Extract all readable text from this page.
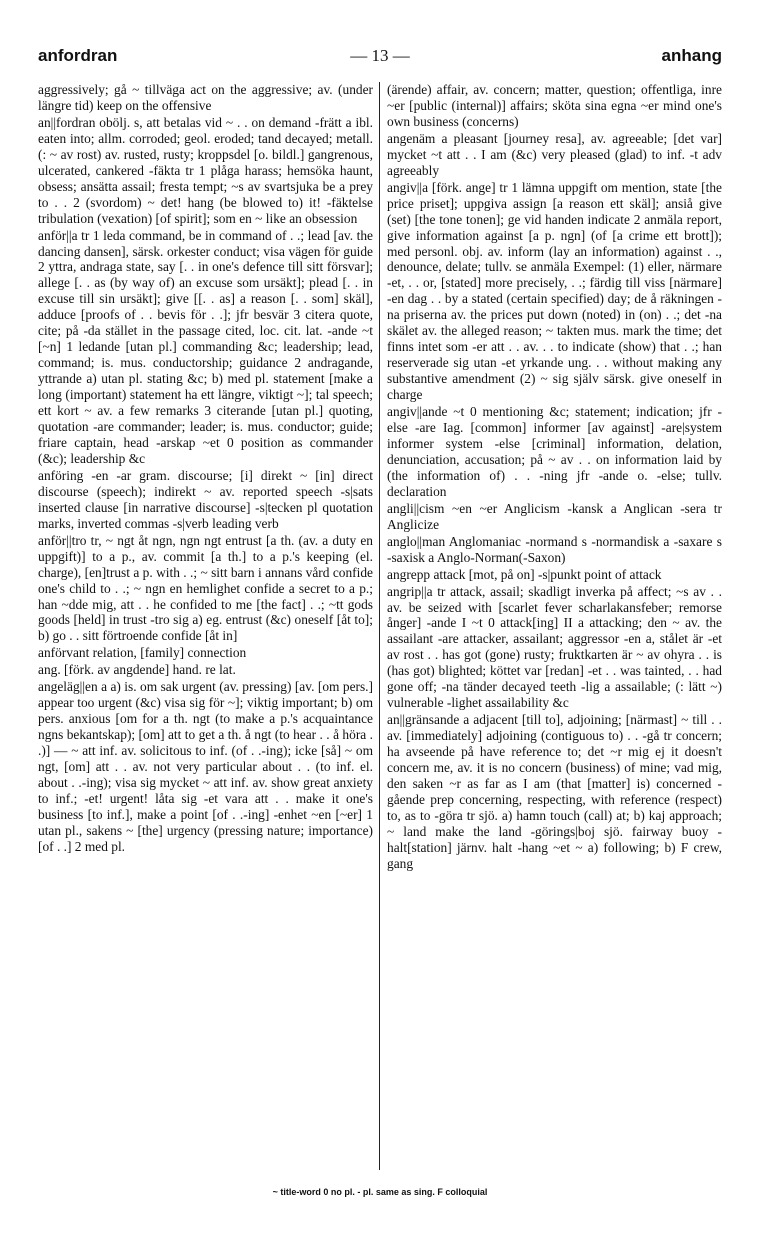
anfordran	— 13 —	anhang

aggressively; gå ~ tillväga act on the aggressive; av. (under längre tid) keep on the offensive

an||fordran obölj. s, att betalas vid ~ . . on demand -frätt a ibl. eaten into; allm. corroded; geol. eroded; tand decayed; metall. (: ~ av rost) av. rusted, rusty; kroppsdel [o. bildl.] gangrenous, ulcerated, cankered -fäkta tr 1 plåga harass; hemsöka haunt, obsess; ansätta assail; fresta tempt; ~s av svartsjuka be a prey to . . 2 (svordom) ~ det! hang (be blowed to) it! -fäktelse tribulation (vexation) [of spirit]; som en ~ like an obsession

anför||a tr 1 leda command, be in command of . .; lead [av. the dancing dansen], särsk. orkester conduct; visa vägen för guide 2 yttra, andraga state, say [. . in one's defence till sitt försvar]; allege [. . as (by way of) an excuse som ursäkt]; plead [. . in excuse till sin ursäkt]; give [[. . as] a reason [. . som] skäl], adduce [proofs of . . bevis för . .]; jfr besvär 3 citera quote, cite; på -da stället in the passage cited, loc. cit. lat. -ande ~t [~n] 1 ledande [utan pl.] commanding &c; leadership; lead, command; is. mus. conductorship; guidance 2 andragande, yttrande a) utan pl. stating &c; b) med pl. statement [make a long (important) statement ha ett längre, viktigt ~]; tal speech; ett kort ~ av. a few remarks 3 citerande [utan pl.] quoting, quotation -are commander; leader; is. mus. conductor; guide; friare captain, head -arskap ~et 0 position as commander (&c); leadership &c

anföring -en -ar gram. discourse; [i] direkt ~ [in] direct discourse (speech); indirekt ~ av. reported speech -s|sats inserted clause [in narrative discourse] -s|tecken pl quotation marks, inverted commas -s|verb leading verb

anför||tro tr, ~ ngt åt ngn, ngn ngt entrust [a th. (av. a duty en uppgift)] to a p., av. commit [a th.] to a p.'s keeping (el. charge), [en]trust a p. with . .; ~ sitt barn i annans vård confide one's child to . .; ~ ngn en hemlighet confide a secret to a p.; han ~dde mig, att . . he confided to me [the fact] . .; ~tt gods goods [held] in trust -tro sig a) eg. entrust (&c) oneself [åt to]; b) go . . sitt förtroende confide [åt in]

anförvant relation, [family] connection

ang. [förk. av angdende] hand. re lat.

angeläg||en a a) is. om sak urgent (av. pressing) [av. [om pers.] appear too urgent (&c) visa sig för ~]; viktig important; b) om pers. anxious [om for a th. ngt (to make a p.'s acquaintance ngns bekantskap); [om] att to get a th. å ngt (to hear . . å höra . .)] — ~ att inf. av. solicitous to inf. (of . .-ing); icke [så] ~ om ngt, [om] att . . av. not very particular about . . (to inf. el. about . .-ing); visa sig mycket ~ att inf. av. show great anxiety to inf.; -et! urgent! låta sig -et vara att . . make it one's business [to inf.], make a point [of . .-ing] -enhet ~en [~er] 1 utan pl., sakens ~ [the] urgency (pressing nature; importance) [of . .] 2 med pl.

(ärende) affair, av. concern; matter, question; offentliga, inre ~er [public (internal)] affairs; sköta sina egna ~er mind one's own business (concerns)

angenäm a pleasant [journey resa], av. agreeable; [det var] mycket ~t att . . I am (&c) very pleased (glad) to inf. -t adv agreeably

angiv||a [förk. ange] tr 1 lämna uppgift om mention, state [the price priset]; uppgiva assign [a reason ett skäl]; ansiå give (set) [the tone tonen]; ge vid handen indicate 2 anmäla report, give information against [a p. ngn] (of [a crime ett brott]); med personl. obj. av. inform (lay an information) against . ., denounce, delate; tullv. se anmäla Exempel: (1) eller, närmare -et, . . or, [stated] more precisely, . .; färdig till viss [närmare] -en dag . . by a stated (certain specified) day; de å räkningen -na priserna av. the prices put down (noted) in (on) . .; det -na skälet av. the alleged reason; ~ takten mus. mark the time; det finns intet som -er att . . av. . . to indicate (show) that . .; han reserverade sig utan -et yrkande ung. . . without making any substantive amendment (2) ~ sig själv särsk. give oneself in charge

angiv||ande ~t 0 mentioning &c; statement; indication; jfr -else -are Iag. [common] informer [av against] -are|system informer system -else [criminal] information, delation, denunciation, accusation; på ~ av . . on information laid by (the information of) . . -ning jfr -ande o. -else; tullv. declaration

angli||cism ~en ~er Anglicism -kansk a Anglican -sera tr Anglicize

anglo||man Anglomaniac -normand s -normandisk a -saxare s -saxisk a Anglo-Norman(-Saxon)

angrepp attack [mot, på on] -s|punkt point of attack

angrip||a tr attack, assail; skadligt inverka på affect; ~s av . . av. be seized with [scarlet fever scharlakansfeber; remorse ånger] -ande I ~t 0 attack[ing] II a attacking; den ~ av. the assailant -are attacker, assailant; aggressor -en a, stålet är -et av rost . . has got (gone) rusty; fruktkarten är ~ av ohyra . . is (has got) blighted; köttet var [redan] -et . . was tainted, . . had gone off; -na tänder decayed teeth -lig a assailable; (: lätt ~) vulnerable -lighet assailability &c

an||gränsande a adjacent [till to], adjoining; [närmast] ~ till . . av. [immediately] adjoining (contiguous to) . . -gå tr concern; ha avseende på have reference to; det ~r mig ej it doesn't concern me, av. it is no concern (business) of mine; vad mig, den saken ~r as far as I am (that [matter] is) concerned -gående prep concerning, respecting, with reference (respect) to, as to -göra tr sjö. a) hamn touch (call) at; b) kaj approach; ~ land make the land -görings|boj sjö. fairway buoy -halt[station] järnv. halt -hang ~et ~ a) following; b) F crew, gang

~ title-word 0 no pl. - pl. same as sing. F colloquial
